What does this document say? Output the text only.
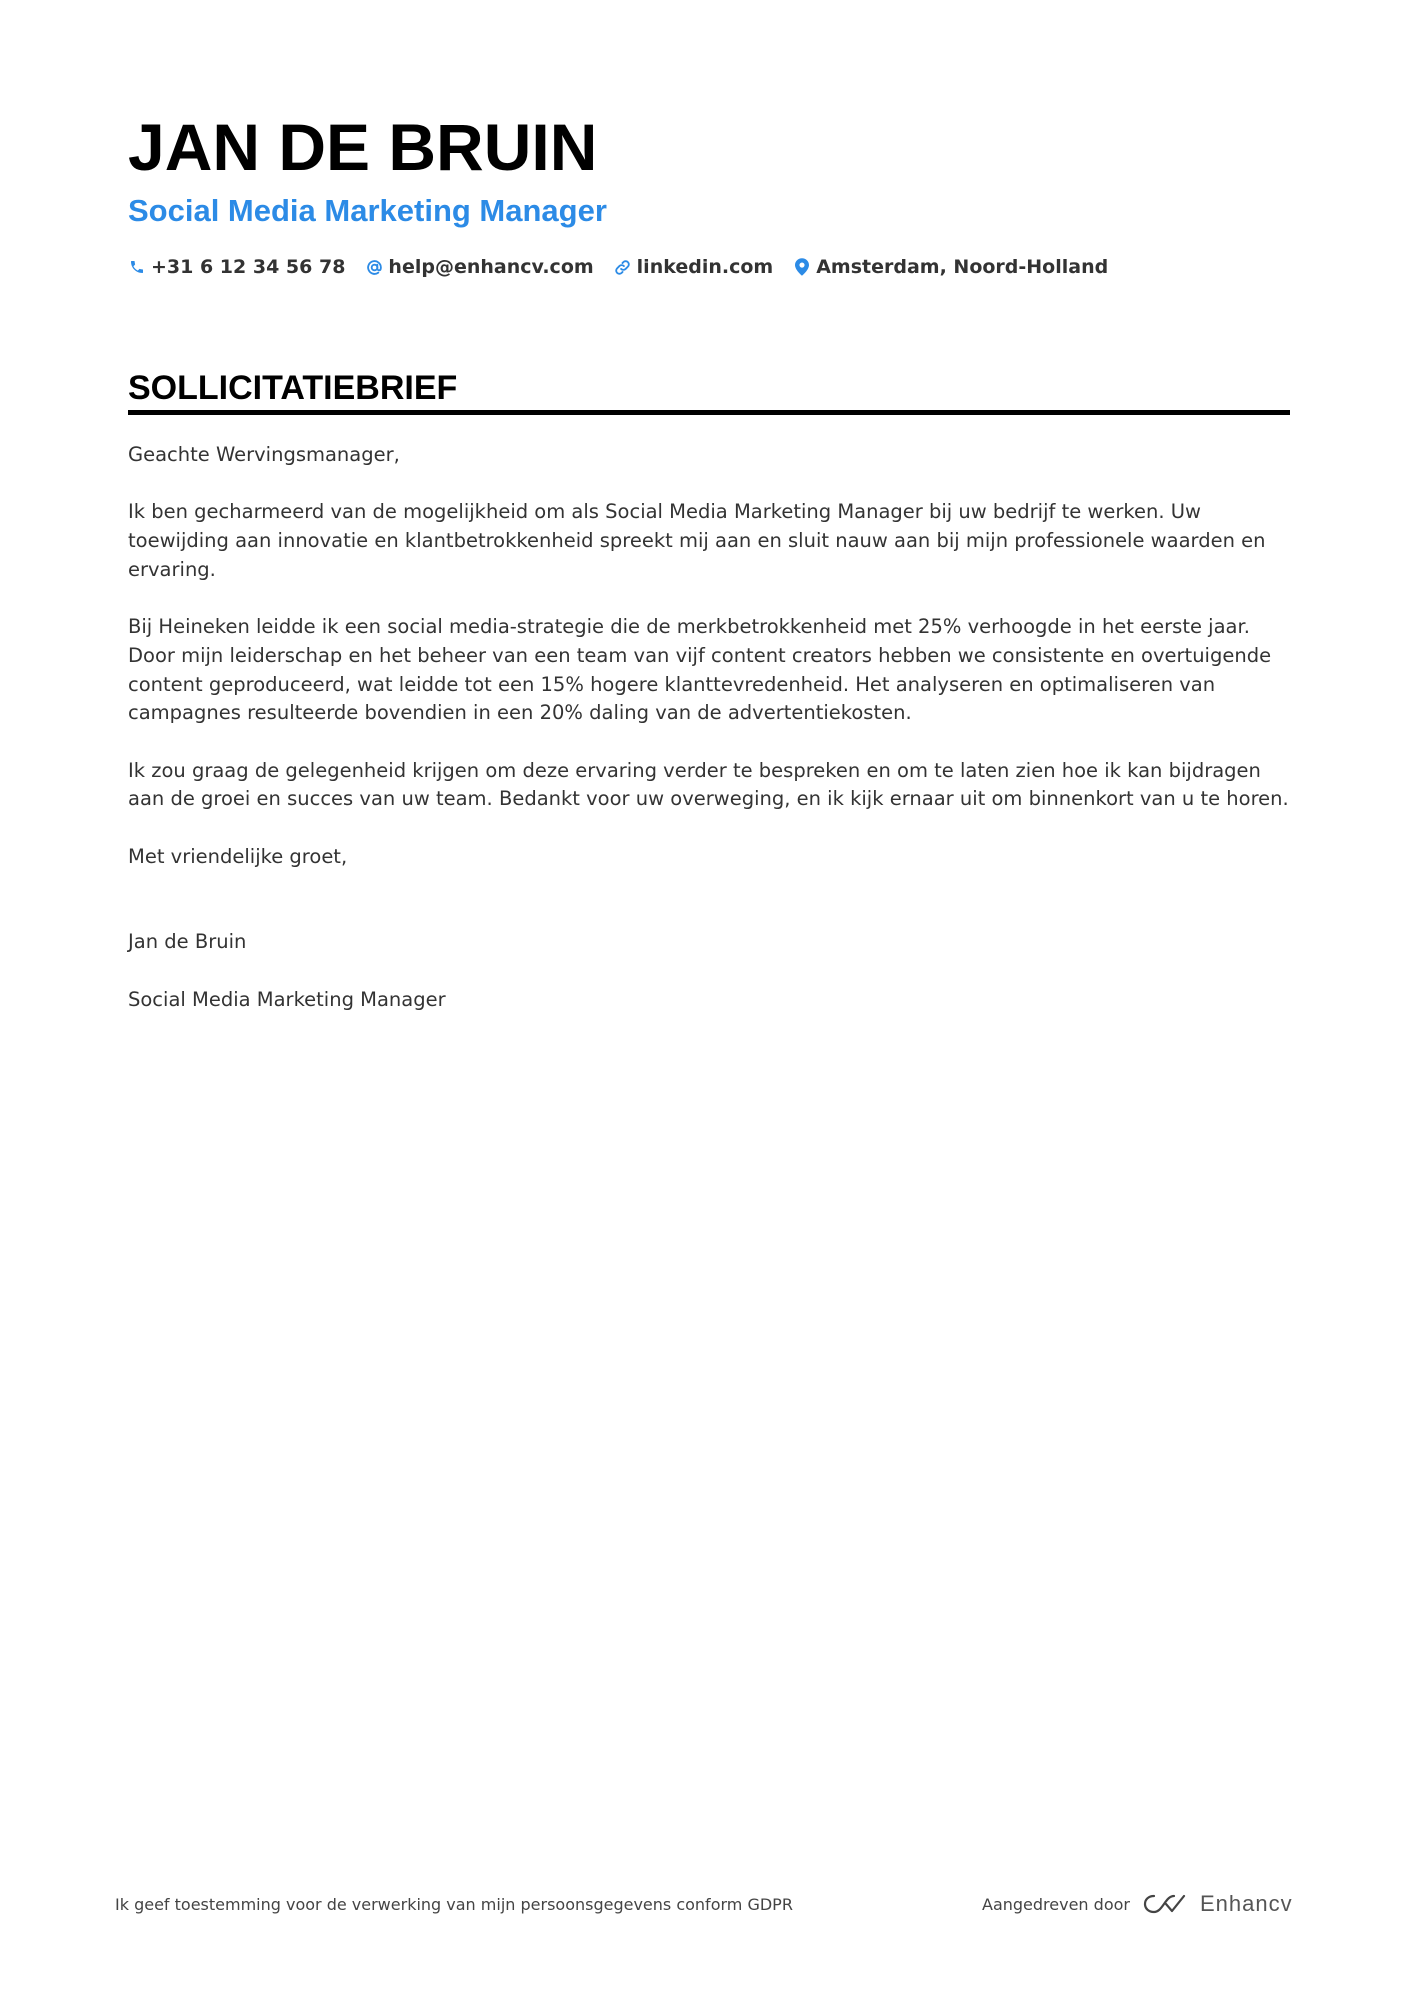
JAN DE BRUIN
Social Media Marketing Manager
+31 6 12 34 56 78 help@enhancv.com linkedin.com Amsterdam, Noord-Holland
SOLLICITATIEBRIEF

Geachte Wervingsmanager,

Ik ben gecharmeerd van de mogelijkheid om als Social Media Marketing Manager bij uw bedrijf te werken. Uw toewijding aan innovatie en klantbetrokkenheid spreekt mij aan en sluit nauw aan bij mijn professionele waarden en ervaring.

Bij Heineken leidde ik een social media-strategie die de merkbetrokkenheid met 25% verhoogde in het eerste jaar. Door mijn leiderschap en het beheer van een team van vijf content creators hebben we consistente en overtuigende content geproduceerd, wat leidde tot een 15% hogere klanttevredenheid. Het analyseren en optimaliseren van campagnes resulteerde bovendien in een 20% daling van de advertentiekosten.

Ik zou graag de gelegenheid krijgen om deze ervaring verder te bespreken en om te laten zien hoe ik kan bijdragen aan de groei en succes van uw team. Bedankt voor uw overweging, en ik kijk ernaar uit om binnenkort van u te horen.

Met vriendelijke groet,

Jan de Bruin

Social Media Marketing Manager

Ik geef toestemming voor de verwerking van mijn persoonsgegevens conform GDPR	Aangedreven door	Enhancv
